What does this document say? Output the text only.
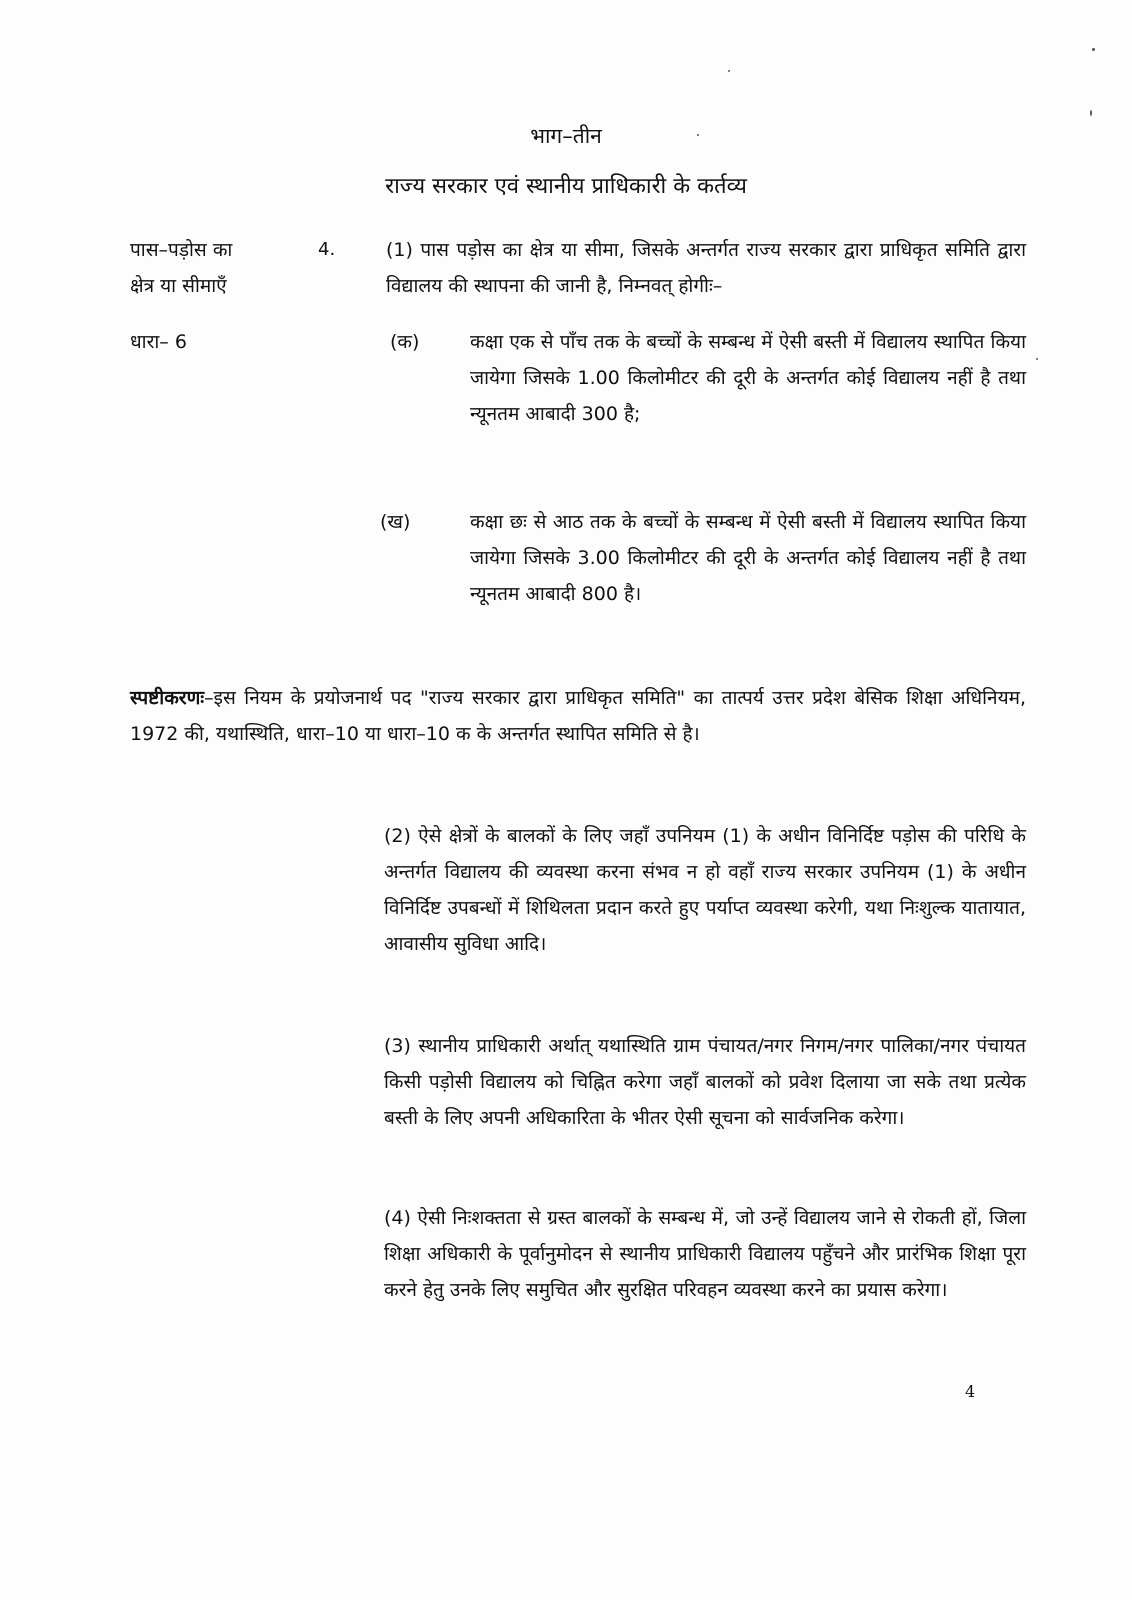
भाग–तीन
राज्य सरकार एवं स्थानीय प्राधिकारी के कर्तव्य
पास–पड़ोस का
क्षेत्र या सीमाएँ
धारा– 6
4.	(1) पास पड़ोस का क्षेत्र या सीमा, जिसके अन्तर्गत राज्य सरकार द्वारा प्राधिकृत समिति द्वारा विद्यालय की स्थापना की जानी है, निम्नवत् होगीः–
(क)	कक्षा एक से पाँच तक के बच्चों के सम्बन्ध में ऐसी बस्ती में विद्यालय स्थापित किया जायेगा जिसके 1.00 किलोमीटर की दूरी के अन्तर्गत कोई विद्यालय नहीं है तथा न्यूनतम आबादी 300 है;
(ख)	कक्षा छः से आठ तक के बच्चों के सम्बन्ध में ऐसी बस्ती में विद्यालय स्थापित किया जायेगा जिसके 3.00 किलोमीटर की दूरी के अन्तर्गत कोई विद्यालय नहीं है तथा न्यूनतम आबादी 800 है।
स्पष्टीकरणः–इस नियम के प्रयोजनार्थ पद "राज्य सरकार द्वारा प्राधिकृत समिति" का तात्पर्य उत्तर प्रदेश बेसिक शिक्षा अधिनियम, 1972 की, यथास्थिति, धारा–10 या धारा–10 क के अन्तर्गत स्थापित समिति से है।
(2) ऐसे क्षेत्रों के बालकों के लिए जहाँ उपनियम (1) के अधीन विनिर्दिष्ट पड़ोस की परिधि के अन्तर्गत विद्यालय की व्यवस्था करना संभव न हो वहाँ राज्य सरकार उपनियम (1) के अधीन विनिर्दिष्ट उपबन्धों में शिथिलता प्रदान करते हुए पर्याप्त व्यवस्था करेगी, यथा निःशुल्क यातायात, आवासीय सुविधा आदि।
(3) स्थानीय प्राधिकारी अर्थात् यथास्थिति ग्राम पंचायत/नगर निगम/नगर पालिका/नगर पंचायत किसी पड़ोसी विद्यालय को चिह्नित करेगा जहाँ बालकों को प्रवेश दिलाया जा सके तथा प्रत्येक बस्ती के लिए अपनी अधिकारिता के भीतर ऐसी सूचना को सार्वजनिक करेगा।
(4) ऐसी निःशक्तता से ग्रस्त बालकों के सम्बन्ध में, जो उन्हें विद्यालय जाने से रोकती हों, जिला शिक्षा अधिकारी के पूर्वानुमोदन से स्थानीय प्राधिकारी विद्यालय पहुँचने और प्रारंभिक शिक्षा पूरा करने हेतु उनके लिए समुचित और सुरक्षित परिवहन व्यवस्था करने का प्रयास करेगा।
4
